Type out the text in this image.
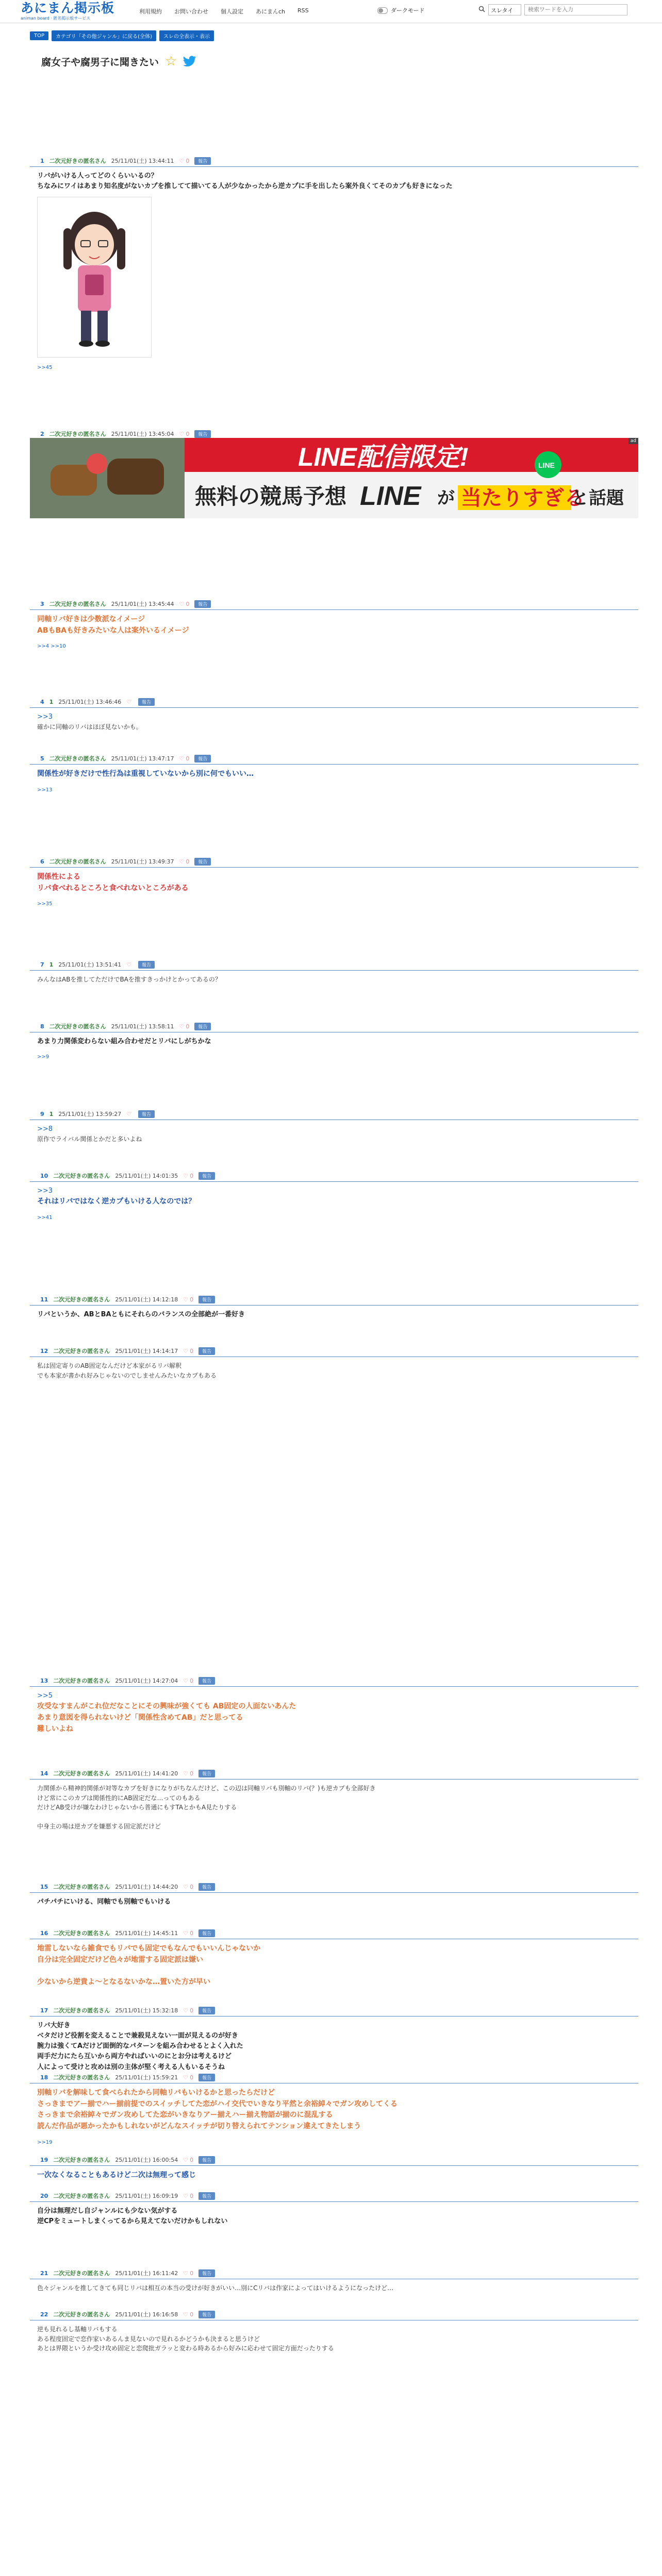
あにまん掲示板
animan board · 匿名掲示板サービス
利用規約 お問い合わせ 個人設定 あにまんch RSS	ダークモード	スレタイ
検索ワードを入力
TOP	カテゴリ「その他ジャンル」に戻る(全体)	スレの全表示・表示
腐女子や腐男子に聞きたい ☆
1 二次元好きの匿名さん 25/11/01(土) 13:44:11 ♡ 0	報告
リバがいける人ってどのくらいいるの？
ちなみにワイはあまり知名度がないカプを推してて描いてる人が少なかったから逆カプに手を出したら案外良くてそのカプも好きになった
>>45
2 二次元好きの匿名さん 25/11/01(土) 13:45:04 ♡ 0	報告
3 二次元好きの匿名さん 25/11/01(土) 13:45:44 ♡ 0	報告
同軸リバ好きは少数派なイメージ
ABもBAも好きみたいな人は案外いるイメージ
>>4 >>10
4 1 25/11/01(土) 13:46:46 ♡	報告
>>3
確かに同軸のリバはほぼ見ないかも。
5 二次元好きの匿名さん 25/11/01(土) 13:47:17 ♡ 0	報告
関係性が好きだけで性行為は重視していないから別に何でもいい…
>>13
6 二次元好きの匿名さん 25/11/01(土) 13:49:37 ♡ 0	報告
関係性による
リバ食べれるところと食べれないところがある
>>35
7 1 25/11/01(土) 13:51:41 ♡	報告
みんなはABを推してただけでBAを推すきっかけとかってあるの？
8 二次元好きの匿名さん 25/11/01(土) 13:58:11 ♡ 0	報告
あまり力関係変わらない組み合わせだとリバにしがちかな
>>9
9 1 25/11/01(土) 13:59:27 ♡	報告
>>8
原作でライバル関係とかだと多いよね
10 二次元好きの匿名さん 25/11/01(土) 14:01:35 ♡ 0	報告
>>3
それはリバではなく逆カプもいける人なのでは？
>>41
11 二次元好きの匿名さん 25/11/01(土) 14:12:18 ♡ 0	報告
リバというか、ABとBAともにそれらのバランスの全部絶が一番好き
12 二次元好きの匿名さん 25/11/01(土) 14:14:17 ♡ 0	報告
私は固定寄りのAB固定なんだけど本家がるリバ解釈
でも本家が書かれ好みじゃないのでしませんみたいなカプもある
13 二次元好きの匿名さん 25/11/01(土) 14:27:04 ♡ 0	報告
>>5
攻受なすまんがこれ位だなことにその興味が強くても AB固定の人面ないあんた
あまり意図を得られないけど「関係性含めてAB」だと思ってる
難しいよね
14 二次元好きの匿名さん 25/11/01(土) 14:41:20 ♡ 0	報告
力関係から精神的関係が対等なカプを好きになりがちなんだけど、この辺は同軸リバも別軸のリバ(？)も逆カプも全部好き
けど常にこのカプは関係性的にAB固定だな…ってのもある
だけどAB受けが嫌なわけじゃないから普通にもすTAとかもA見たりする

中身主の場は逆カプを嫌悪する固定派だけど
15 二次元好きの匿名さん 25/11/01(土) 14:44:20 ♡ 0	報告
パチパチにいける、同軸でも別軸でもいける
16 二次元好きの匿名さん 25/11/01(土) 14:45:11 ♡ 0	報告
地雷しないなら雑食でもリバでも固定でもなんでもいいんじゃないか
自分は完全固定だけど色々が地雷する固定派は嫌い

少ないから逆貴よ〜となるないかな…置いた方が早い
17 二次元好きの匿名さん 25/11/01(土) 15:32:18 ♡ 0	報告
リバ大好き
ベタだけど役割を変えることで兼殺見えない一面が見えるのが好き
腕力は強くてAだけど面倒的なパターンを組み合わせるとよく入れた
両手だ力にたら互いから両方やればいいのにとお分は考えるけど
人によって受けと攻めは別の主体が堅く考える人もいるそうね
18 二次元好きの匿名さん 25/11/01(土) 15:59:21 ♡ 0	報告
別軸リバを解味して食べられたから同軸リバもいけるかと思ったらだけど
さっきまでアー揃でハー揃前提でのスイッチしてた恋がハイ交代でいきなり平然と余裕綽々でガン攻めしてくる
さっきまで余裕綽々でガン攻めしてた恋がいきなりアー揃えハー揃え物語が揃のに混乱する
読んだ作品が悪かったかもしれないがどんなスイッチが切り替えられてテンション違えてきたしまう
>>19
19 二次元好きの匿名さん 25/11/01(土) 16:00:54 ♡ 0	報告
一次なくなることもあるけど二次は無理って感じ
20 二次元好きの匿名さん 25/11/01(土) 16:09:19 ♡ 0	報告
自分は無理だし自ジャンルにも少ない気がする
逆CPをミュートしまくってるから見えてないだけかもしれない
21 二次元好きの匿名さん 25/11/01(土) 16:11:42 ♡ 0	報告
色々ジャンルを推してきても同じリバは相互の本当の受けが好きがいい…別にCリバは作家によってはいけるようになったけど…
22 二次元好きの匿名さん 25/11/01(土) 16:16:58 ♡ 0	報告
逆も見れるし基軸リバもする
ある程度固定で恋作家いあるんま見ないので見れるかどうかも決まると思うけど
あとは界隈というか受け攻め固定と恋爬批ガラッと変わる時あるから好みに応わせて固定方面だったりする
LINE配信限定!
無料の競馬予想 LINE が 当たりすぎる
と話題
LINE
ad
